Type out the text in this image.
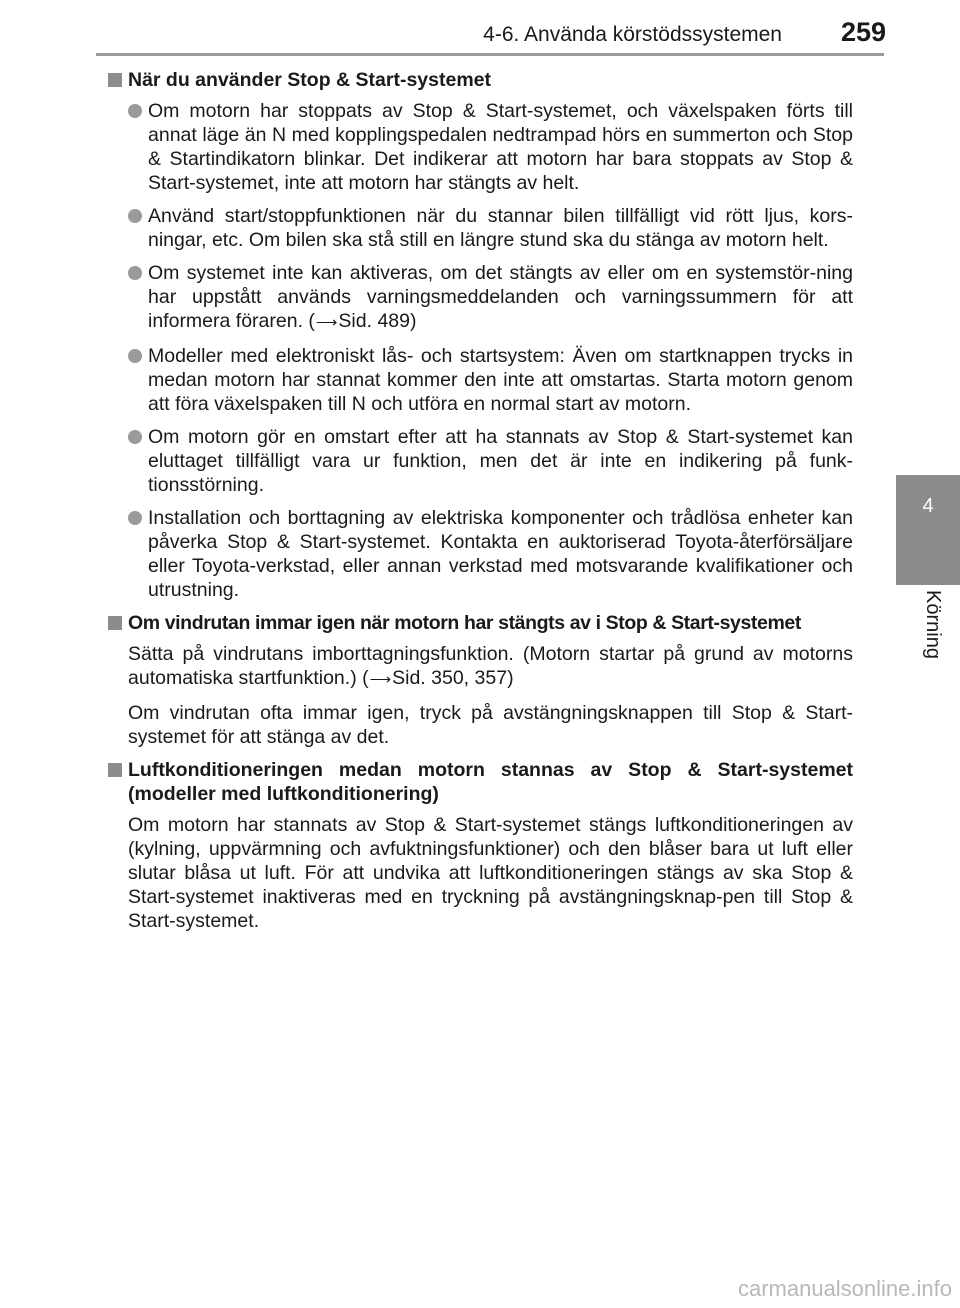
4-6. Använda körstödssystemen 259
4
Körning
När du använder Stop & Start-systemet
Om motorn har stoppats av Stop & Start-systemet, och växelspaken förts till annat läge än N med kopplingspedalen nedtrampad hörs en summerton och Stop & Startindikatorn blinkar. Det indikerar att motorn har bara stoppats av Stop & Start-systemet, inte att motorn har stängts av helt.
Använd start/stoppfunktionen när du stannar bilen tillfälligt vid rött ljus, kors-ningar, etc. Om bilen ska stå still en längre stund ska du stänga av motorn helt.
Om systemet inte kan aktiveras, om det stängts av eller om en systemstör-ning har uppstått används varningsmeddelanden och varningssummern för att informera föraren. (⟶Sid. 489)
Modeller med elektroniskt lås- och startsystem: Även om startknappen trycks in medan motorn har stannat kommer den inte att omstartas. Starta motorn genom att föra växelspaken till N och utföra en normal start av motorn.
Om motorn gör en omstart efter att ha stannats av Stop & Start-systemet kan eluttaget tillfälligt vara ur funktion, men det är inte en indikering på funk-tionsstörning.
Installation och borttagning av elektriska komponenter och trådlösa enheter kan påverka Stop & Start-systemet. Kontakta en auktoriserad Toyota-återförsäljare eller Toyota-verkstad, eller annan verkstad med motsvarande kvalifikationer och utrustning.
Om vindrutan immar igen när motorn har stängts av i Stop & Start-systemet
Sätta på vindrutans imborttagningsfunktion. (Motorn startar på grund av motorns automatiska startfunktion.) (⟶Sid. 350, 357)
Om vindrutan ofta immar igen, tryck på avstängningsknappen till Stop & Start-systemet för att stänga av det.
Luftkonditioneringen medan motorn stannas av Stop & Start-systemet (modeller med luftkonditionering)
Om motorn har stannats av Stop & Start-systemet stängs luftkonditioneringen av (kylning, uppvärmning och avfuktningsfunktioner) och den blåser bara ut luft eller slutar blåsa ut luft. För att undvika att luftkonditioneringen stängs av ska Stop & Start-systemet inaktiveras med en tryckning på avstängningsknap-pen till Stop & Start-systemet.
carmanualsonline.info
